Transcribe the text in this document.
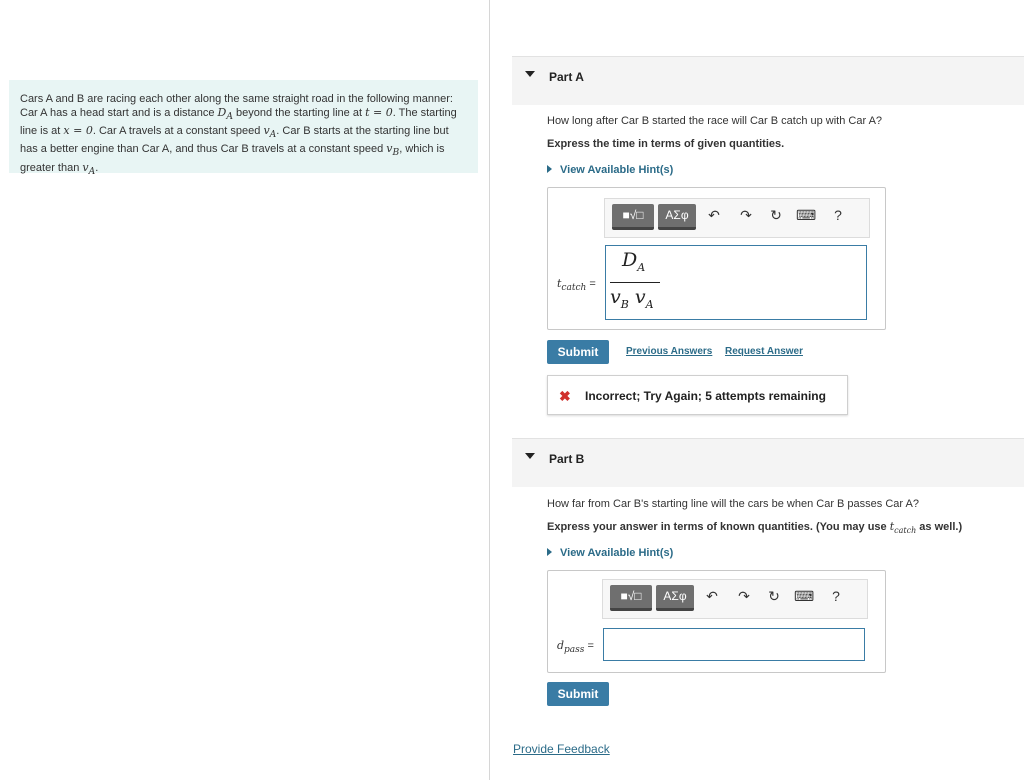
Cars A and B are racing each other along the same straight road in the following manner: Car A has a head start and is a distance $D_A$ beyond the starting line at t = 0. The starting line is at x = 0. Car A travels at a constant speed $v_A$. Car B starts at the starting line but has a better engine than Car A, and thus Car B travels at a constant speed $v_B$, which is greater than $v_A$.
Part A
How long after Car B started the race will Car B catch up with Car A?
Express the time in terms of given quantities.
View Available Hint(s)
■√□	ΑΣφ	↶ ↷ ↻ ⌨ ?
$t_{catch}$ =
$D_A$
$v_B$ $v_A$
Submit	Previous Answers Request Answer
✖ Incorrect; Try Again; 5 attempts remaining
Part B
How far from Car B's starting line will the cars be when Car B passes Car A?
Express your answer in terms of known quantities. (You may use $t_{catch}$ as well.)
View Available Hint(s)
■√□	ΑΣφ	↶ ↷ ↻ ⌨ ?
$d_{pass}$ =
Submit
Provide Feedback
